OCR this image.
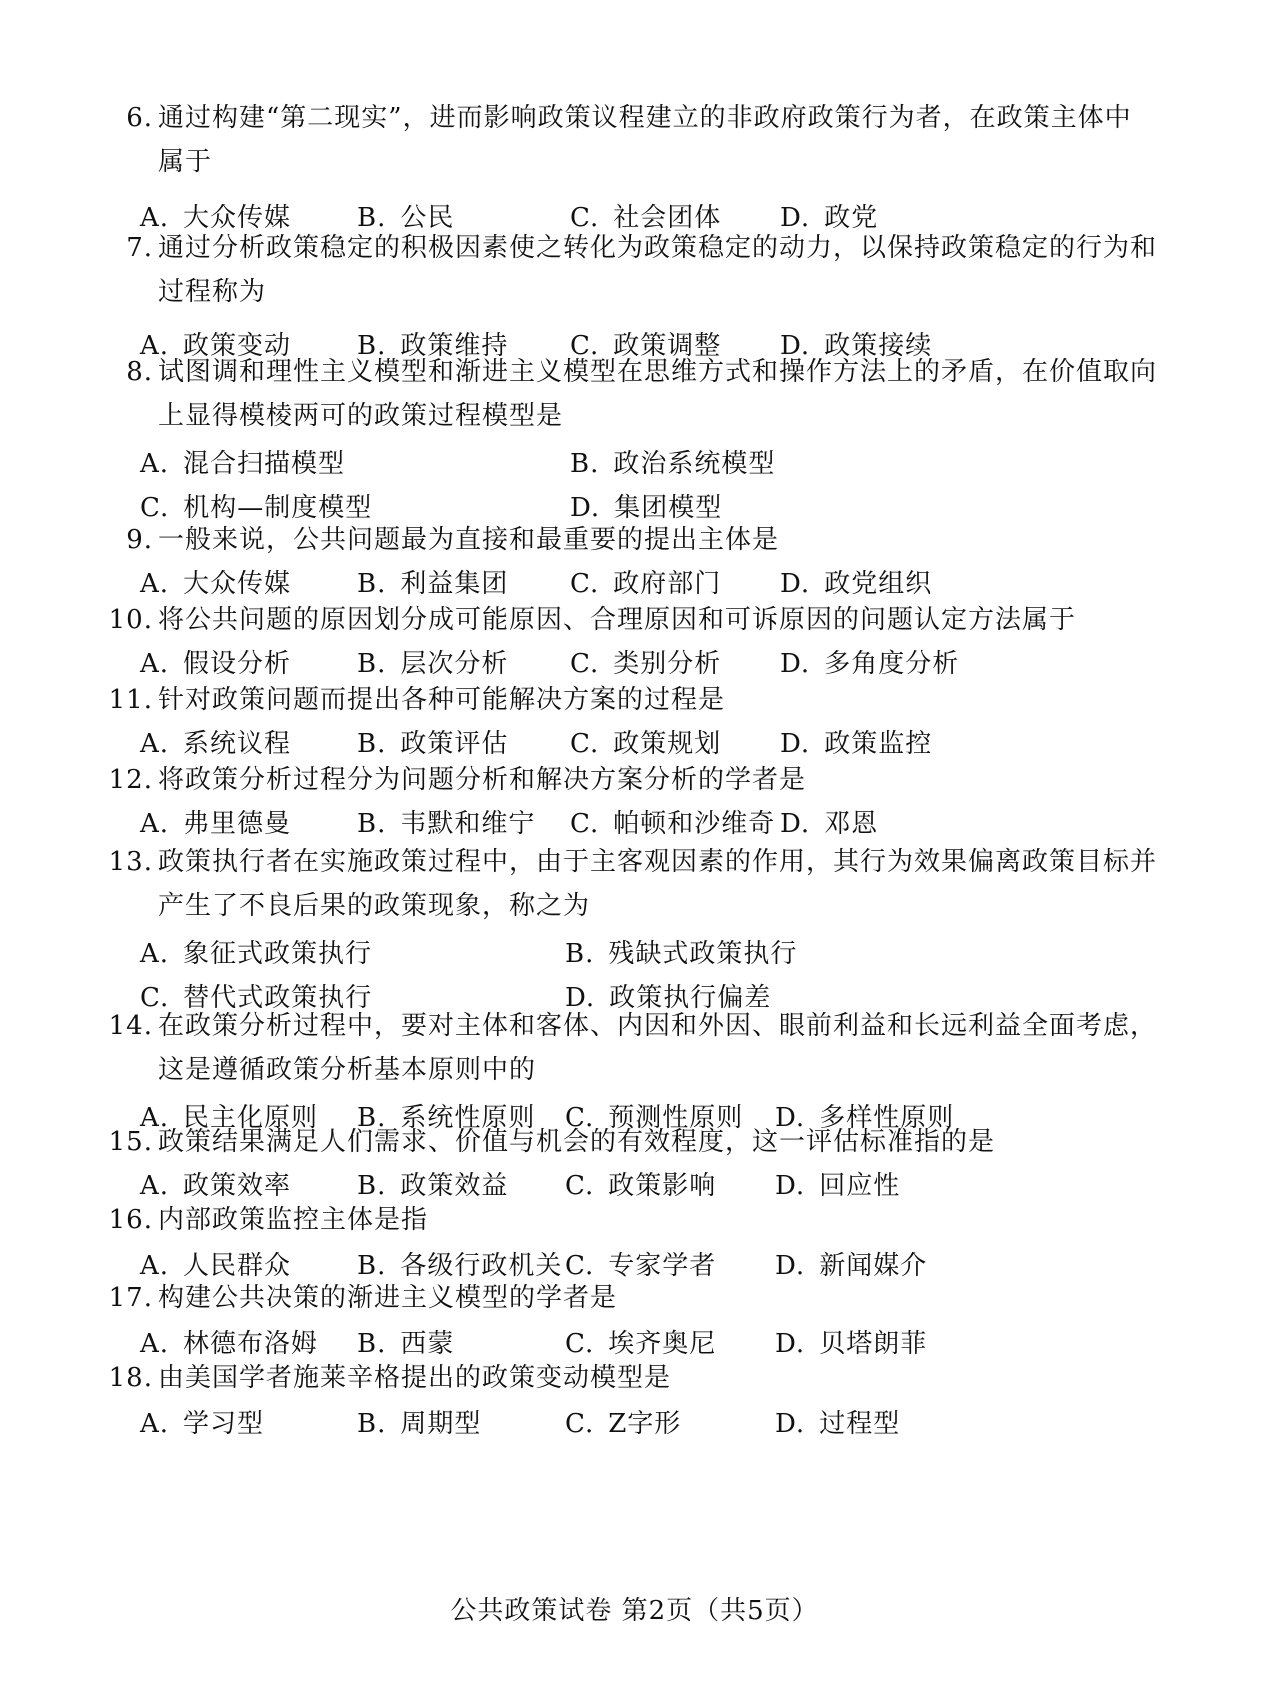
6. 通过构建“第二现实”，进而影响政策议程建立的非政府政策行为者，在政策主体中属于
A. 大众传媒	B. 公民	C. 社会团体 D. 政党
7. 通过分析政策稳定的积极因素使之转化为政策稳定的动力，以保持政策稳定的行为和过程称为
A. 政策变动	B. 政策维持 C. 政策调整 D. 政策接续
8. 试图调和理性主义模型和渐进主义模型在思维方式和操作方法上的矛盾，在价值取向上显得模棱两可的政策过程模型是
A. 混合扫描模型	B. 政治系统模型
C. 机构—制度模型	D. 集团模型
9. 一般来说，公共问题最为直接和最重要的提出主体是
A. 大众传媒	B. 利益集团 C. 政府部门 D. 政党组织
10. 将公共问题的原因划分成可能原因、合理原因和可诉原因的问题认定方法属于
A. 假设分析	B. 层次分析 C. 类别分析 D. 多角度分析
11. 针对政策问题而提出各种可能解决方案的过程是
A. 系统议程	B. 政策评估 C. 政策规划 D. 政策监控
12. 将政策分析过程分为问题分析和解决方案分析的学者是
A. 弗里德曼	B. 韦默和维宁 C. 帕顿和沙维奇 D. 邓恩
13. 政策执行者在实施政策过程中，由于主客观因素的作用，其行为效果偏离政策目标并产生了不良后果的政策现象，称之为
A. 象征式政策执行	B. 残缺式政策执行
C. 替代式政策执行	D. 政策执行偏差
14. 在政策分析过程中，要对主体和客体、内因和外因、眼前利益和长远利益全面考虑，这是遵循政策分析基本原则中的
A. 民主化原则 B. 系统性原则 C. 预测性原则 D. 多样性原则
15. 政策结果满足人们需求、价值与机会的有效程度，这一评估标准指的是
A. 政策效率	B. 政策效益 C. 政策影响 D. 回应性
16. 内部政策监控主体是指
A. 人民群众	B. 各级行政机关 C. 专家学者 D. 新闻媒介
17. 构建公共决策的渐进主义模型的学者是
A. 林德布洛姆 B. 西蒙	C. 埃齐奥尼 D. 贝塔朗菲
18. 由美国学者施莱辛格提出的政策变动模型是
A. 学习型	B. 周期型	C. Z字形	D. 过程型
公共政策试卷 第2页（共5页）
